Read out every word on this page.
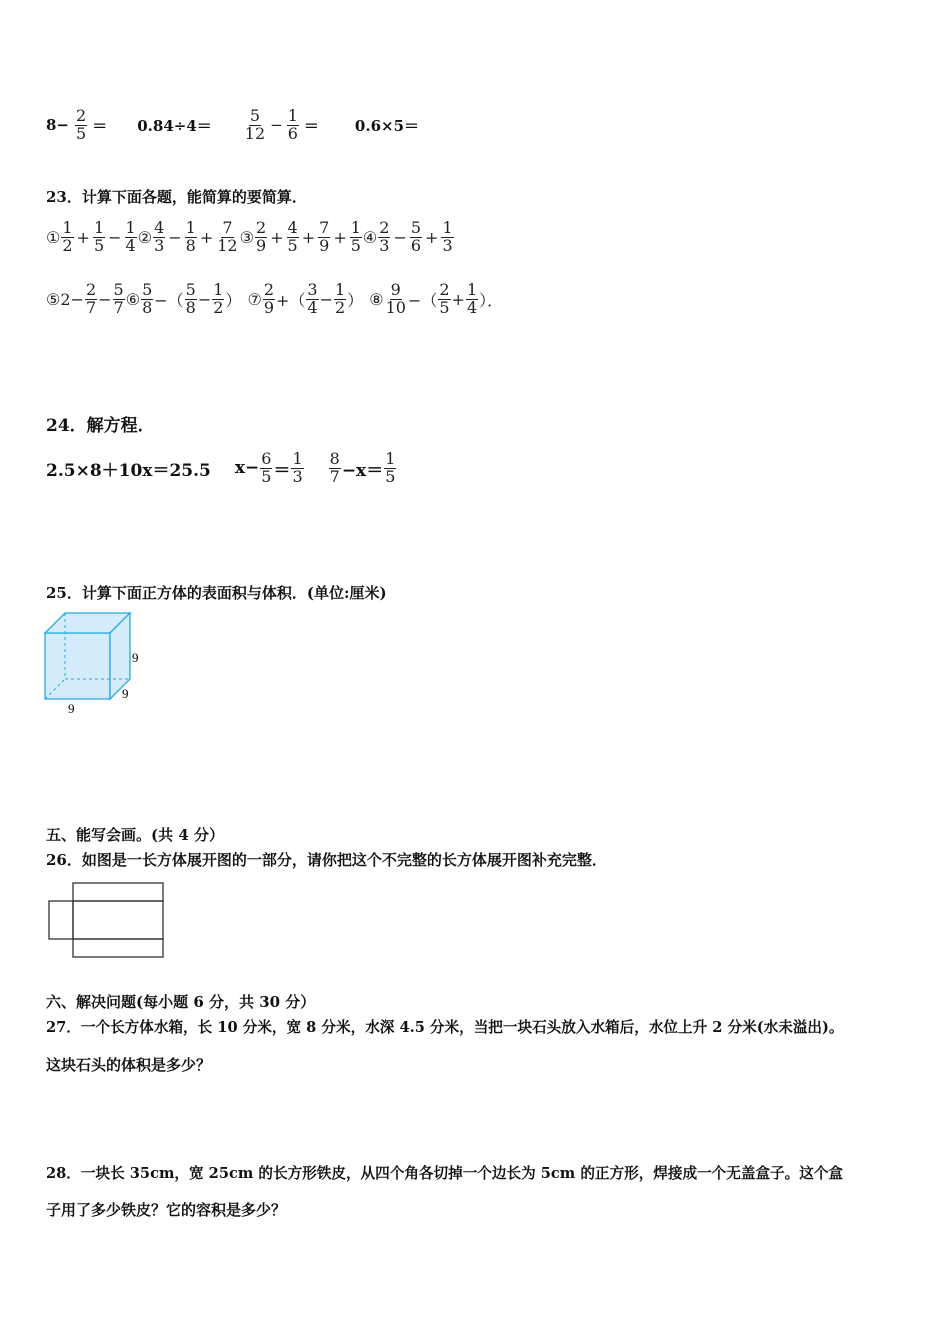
$8- \frac{2}{5} = 0.84\div 4= \frac{5}{12} - \frac{1}{6} = 0.6\times 5=$
23．计算下面各题，能简算的要简算．
① $\frac{1}{2} + \frac{1}{5} - \frac{1}{4}$ ② $\frac{4}{3} - \frac{1}{8} + \frac{7}{12}$ ③ $\frac{2}{9} + \frac{4}{5} + \frac{7}{9} + \frac{1}{5}$ ④ $\frac{2}{3} - \frac{5}{6} + \frac{1}{3}$
⑤ $2- \frac{2}{7} - \frac{5}{7}$ ⑥ $\frac{5}{8}$ −（ $\frac{5}{8} - \frac{1}{2}$ ） ⑦ $\frac{2}{9}$ +（ $\frac{3}{4} - \frac{1}{2}$ ） ⑧ $\frac{9}{10}$ −（ $\frac{2}{5} + \frac{1}{4}$ ）．
24．解方程．
2.5×8＋10x＝25.5 $x- \frac{6}{5} = \frac{1}{3} \frac{8}{7} -x= \frac{1}{5}$
25．计算下面正方体的表面积与体积．(单位:厘米)
9
9
9
五、能写会画。(共 4 分）
26．如图是一长方体展开图的一部分，请你把这个不完整的长方体展开图补充完整．
六、解决问题(每小题 6 分，共 30 分）
27．一个长方体水箱，长 10 分米，宽 8 分米，水深 4.5 分米，当把一块石头放入水箱后，水位上升 2 分米(水未溢出)。
这块石头的体积是多少？
28．一块长 35cm，宽 25cm 的长方形铁皮，从四个角各切掉一个边长为 5cm 的正方形，焊接成一个无盖盒子。这个盒
子用了多少铁皮？它的容积是多少？
